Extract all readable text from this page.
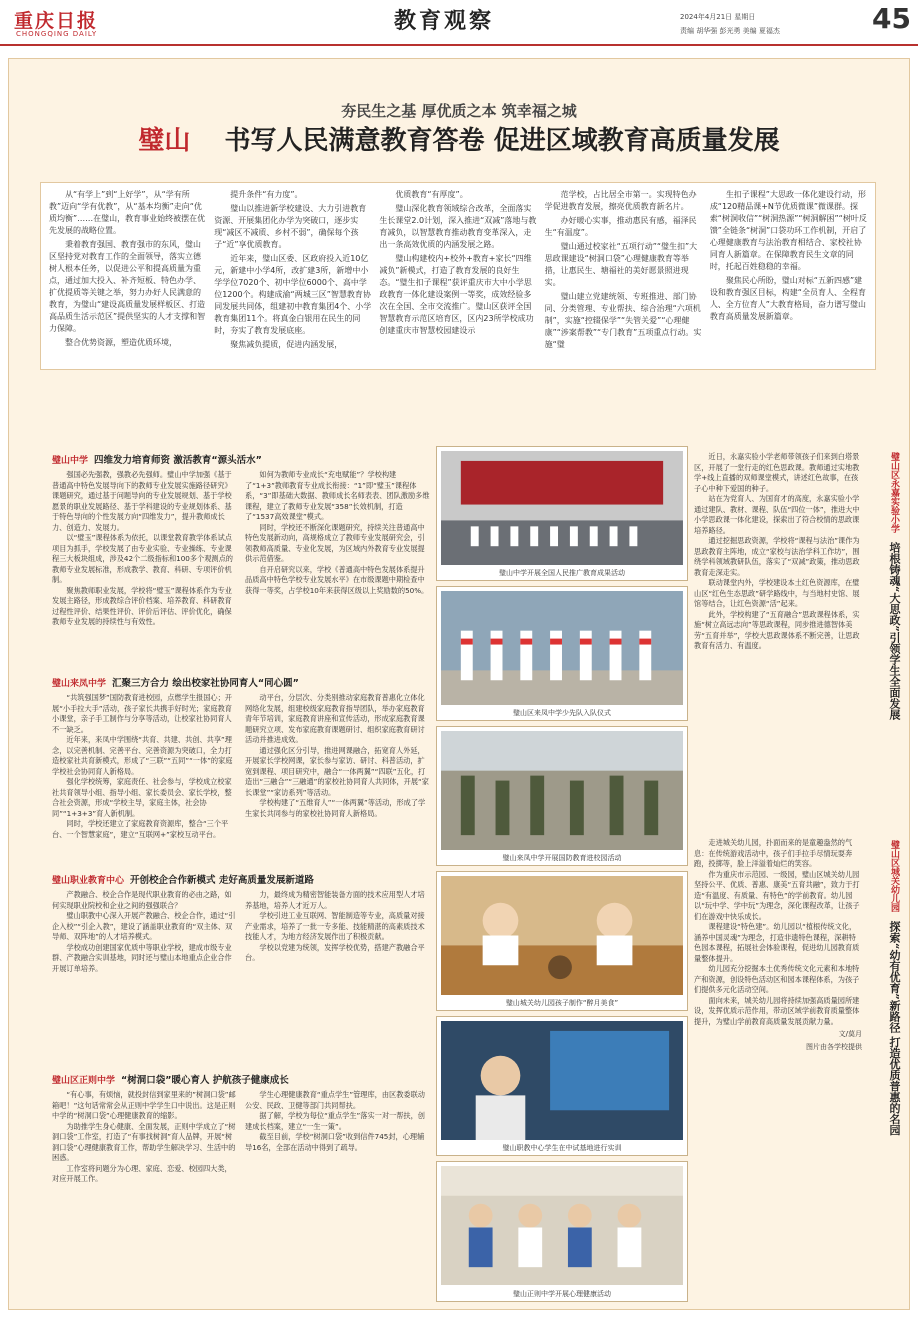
重庆日报
CHONGQING DAILY	教育观察	2024年4月21日 星期日
责编 胡华强 彭光勇 美编 夏福杰	45
夯民生之基 厚优质之本 筑幸福之城
璧山 书写人民满意教育答卷 促进区域教育高质量发展

从“有学上”到“上好学”，从“学有所教”迈向“学有优教”，从“基本均衡”走向“优质均衡”……在璧山，教育事业始终被摆在优先发展的战略位置。

秉着教育强国、教育强市的东风，璧山区坚持党对教育工作的全面领导，落实立德树人根本任务，以促进公平和提高质量为重点，通过加大投入、补齐短板、特色办学、扩优提质等关键之举，努力办好人民满意的教育，为璧山“建设高质量发展样板区、打造高品质生活示范区”提供坚实的人才支撑和智力保障。

整合优势资源，塑造优质环境，

提升条件“有力度”。

璧山以推进新学校建设、大力引进教育资源、开展集团化办学为突破口，逐步实现“减区不减质、乡村不弱”，确保每个孩子“近”享优质教育。

近年来，璧山区委、区政府投入近10亿元，新建中小学4所，改扩建3所，新增中小学学位7020个、初中学位6000个、高中学位1200个。构建成渝“两城三区”智慧教育协同发展共同体，组建初中教育集团4个、小学教育集团11个。将真金白银用在民生的同时，夯实了教育发展底座。

聚焦减负提质，促进内涵发展，

优质教育“有厚度”。

璧山深化教育领域综合改革，全面落实生长课堂2.0计划，深入推进“双减”落地与教育减负，以智慧教育推动教育变革深入，走出一条高效优质的内涵发展之路。

璧山构建校内+校外+教育+家长“四维减负”新模式，打造了教育发展的良好生态。“璧生扣子课程”获评重庆市大中小学思政教育一体化建设案例一等奖，成效经验多次在全国、全市交流推广。璧山区获评全国智慧教育示范区培育区，区内23所学校成功创建重庆市智慧校园建设示

范学校，占比居全市第一。实现特色办学促进教育发展，擦亮优质教育新名片。

办好暖心实事，推动惠民有感，福泽民生“有温度”。

璧山通过校家社“五项行动”“璧生扣”大思政课建设“树洞口袋”心理健康教育等举措，让惠民生、塘福社的美好愿景照进现实。

璧山建立党建统领、专班推进、部门协同、分类管理、专业帮扶、综合治理“六项机制”，实施“控辍保学”“失管关爱”“心理健康”“涉案帮教”“专门教育”五项重点行动。实施“璧

生扣子课程”大思政一体化建设行动，形成“120精品课+N节优质微课”微课群。探索“树洞收信”“树洞热源”“树洞解困”“树叶反馈”全链条“树洞”口袋功环工作机制，开启了心理健康教育与法治教育相结合、家校社协同育人新篇章。在保障教育民生文章的同时，托起百姓稳稳的幸福。

聚焦民心所盼，璧山对标“五新四感”建设和教育强区目标，构建“全员育人、全程育人、全方位育人”大教育格局，奋力谱写璧山教育高质量发展新篇章。

璧山中学 四维发力培育师资 激活教育“源头活水”

强国必先强教，强教必先强师。璧山中学加强《基于普通高中特色发展导向下的教师专业发展实施路径研究》课题研究，通过基于问题导向的专业发展规划、基于学校愿景的职业发展路径、基于学科建设的专业规划体系、基于特色导向的个性发展方向“四维发力”，提升教师成长力、创造力、发展力。

以“璧玉”课程体系为依托，以课堂教育教学体系试点项目为抓手，学校发展了由专业实验、专业操练、专业课程三大板块组成，涉及42个二级指标和100多个观测点的教师专业发展标准，形成教学、教育、科研、专项评价机制。

聚焦教师职业发展，学校将“璧玉”课程体系作为专业发展主路径，形成教综合评价档案、培养教育、科研教育过程性评价、结果性评价、评价后评估、评价优化，确保教师专业发展的持续性与有效性。

如何为教师专业成长“充电赋能”？学校构建了“1+3”教师教育专业成长衔接：“1”即“璧玉”课程体系，“3”即基础大数据、教师成长名师表表、团队激励多维课程，建立了教师专业发展“358”长效机制，打造了“1537高效课堂”模式。

同时，学校还不断深化课题研究，持续关注普通高中特色发展新动向，高规格成立了教师专业发展研究会，引领教师高质量、专业化发展，为区域内外教育专业发展提供示范借鉴。

自开启研究以来，学校《普通高中特色发展体系提升品质高中特色学校专业发展水平》在市级课题中期检查中获得一等奖，占学校10年来获得区级以上奖励数的50%。

璧山来凤中学 汇聚三方合力 绘出校家社协同育人“同心圆”

“共筑强国梦”国防教育进校园，点燃学生报国心；开展“小手拉大手”活动，孩子家长共携手好时光；家庭教育小课堂，亲子手工制作与分享等活动，让校家社协同育人不一缺乏。

近年来，来凤中学围绕“共育、共建、共创、共享”理念，以完善机制、完善平台、完善资源为突破口，全力打造校家社共育新模式，形成了“三联”“五同”“一体”的家庭学校社会协同育人新格局。

强化学校统筹，家庭责任、社会参与，学校成立校家社共育领导小组、指导小组、家长委员会、家长学校，整合社会资源，形成“学校主导，家庭主体，社会协同”“1+3+3”育人新机制。

同时，学校还建立了家庭教育资源库，整合“三个平台、一个智慧家庭”，建立“互联网+”家校互动平台。

动平台，分层次、分类别推动家庭教育普惠化立体化网络化发展，组建校级家庭教育指导团队，举办家庭教育青年节培训，家庭教育讲座和宣传活动，形成家庭教育课题研究立项、发布家庭教育课题研讨、组织家庭教育研讨活动并推进成效。

通过强化区分引导，推进网课融合，拓宽育人外延，开展家长学校网课，家长参与家访、研讨、科普活动，扩宽到课程、项目研究中，融合“一体两翼”“四联”五化，打造出“三融合”“三融通”的家校社协同育人共同体，开展“家长课堂”“家访系列”等活动。

学校构建了“五维育人”“一体两翼”等活动，形成了学生家长共同参与的家校社协同育人新格局。

璧山职业教育中心 开创校企合作新模式 走好高质量发展新道路

产教融合、校企合作是现代职业教育的必由之路，如何实现职业院校和企业之间的强强联合？

璧山职教中心深入开展产教融合、校企合作，通过“引企入校”“引企入教”，建设了涵盖职业教育的“双主体、双导师、双阵地”的人才培养模式。

学校成功创建国家优质中等职业学校，建成市级专业群、产教融合实训基地，同时还与璧山本地重点企业合作开展订单培养。

力，最终成为精密智能装备方面的技术应用型人才培养基地，培养人才近万人。

学校引进工业互联网、智能制造等专业，高质量对接产业需求，培养了一批一专多能、技能精湛的高素质技术技能人才，为地方经济发展作出了积极贡献。

学校以党建为统领，发挥学校优势，搭建产教融合平台。

璧山区正则中学 “树洞口袋”暖心育人 护航孩子健康成长

“有心事，有烦恼，就投封信到家里来的”树洞口袋”邮箱吧！”这句话常常会从正则中学学生口中说出。这是正则中学的“树洞口袋”心理健康教育的缩影。

为助推学生身心健康、全面发展，正则中学成立了“树洞口袋”工作室，打造了“有事找树洞”育人品牌，开展“树洞口袋”心理健康教育工作，帮助学生解决学习、生活中的困惑。

工作室将问题分为心理、家庭、恋爱、校园四大类，对应开展工作。

学生心理健康教育“重点学生”管理库，由区教委联动公安、民政、卫健等部门共同帮扶。

据了解，学校为每位“重点学生”落实一对一帮扶，创建成长档案，建立“一生一策”。

截至目前，学校“树洞口袋”收到信件745封，心理辅导16名，全部在活动中得到了疏导。

璧山中学开展全国人民推广教育成果活动
璧山区来凤中学少先队入队仪式
璧山来凤中学开展国防教育进校园活动
璧山城关幼儿园孩子制作“醉月美食”
璧山职教中心学生在中试基地进行实训
璧山正则中学开展心理健康活动

近日，永嘉实验小学老师带领孩子们来到白塔景区，开展了一堂行走的红色思政课。教师通过实地教学+线上直播的双师课堂模式，讲述红色故事，在孩子心中种下爱国的种子。

站在为党育人、为国育才的高度，永嘉实验小学通过建队、教材、课程、队伍“四位一体”，推进大中小学思政课一体化建设，探索出了符合校情的思政课培养路径。

通过挖掘思政资源，学校将“课程与法治”课作为思政教育主阵地，成立“家校与法治学科工作坊”，围绕学科领域教研队伍，落实了“双减”政策，推动思政教育走深走实。

联动课堂内外，学校建设本土红色资源库，在璧山区“红色生态思政”研学路线中，与当地村史馆、展馆等结合，让红色资源“活”起来。

此外，学校构建了“五育融合”思政课程体系，实施“树立高远志向”等思政课程，同步推进德智体美劳“五育并举”，学校大思政课体系不断完善，让思政教育有活力、有温度。

走进城关幼儿园，扑面而来的是童趣盎然的气息：在传统游戏活动中，孩子们手拉手尽情玩耍奔跑，投掷等，脸上洋溢着灿烂的笑容。

作为重庆市示范园、一级园，璧山区城关幼儿园坚持公平、优质、普惠、康美“五育共融”，致力于打造“有温度、有质量、有特色”的学前教育。幼儿园以“玩中学、学中玩”为理念，深化课程改革，让孩子们在游戏中快乐成长。

课程建设“特色建”。幼儿园以“植根传统文化，涵养中国灵魂”为理念，打造非遗特色课程，深耕特色园本课程，拓展社会体验课程，促进幼儿园教育质量整体提升。

幼儿园充分挖掘本土优秀传统文化元素和本地特产和资源，创设特色活动区和园本课程体系，为孩子们提供多元化活动空间。

面向未来，城关幼儿园将持续加强高质量园所建设，发挥优质示范作用，带动区域学前教育质量整体提升，为璧山学前教育高质量发展贡献力量。

文/莫月
图片由各学校提供
璧山区永嘉实验小学 培根铸魂“大思政”引领学生全面发展
璧山区城关幼儿园 探索“幼有优育”新路径 打造优质普惠的名园
